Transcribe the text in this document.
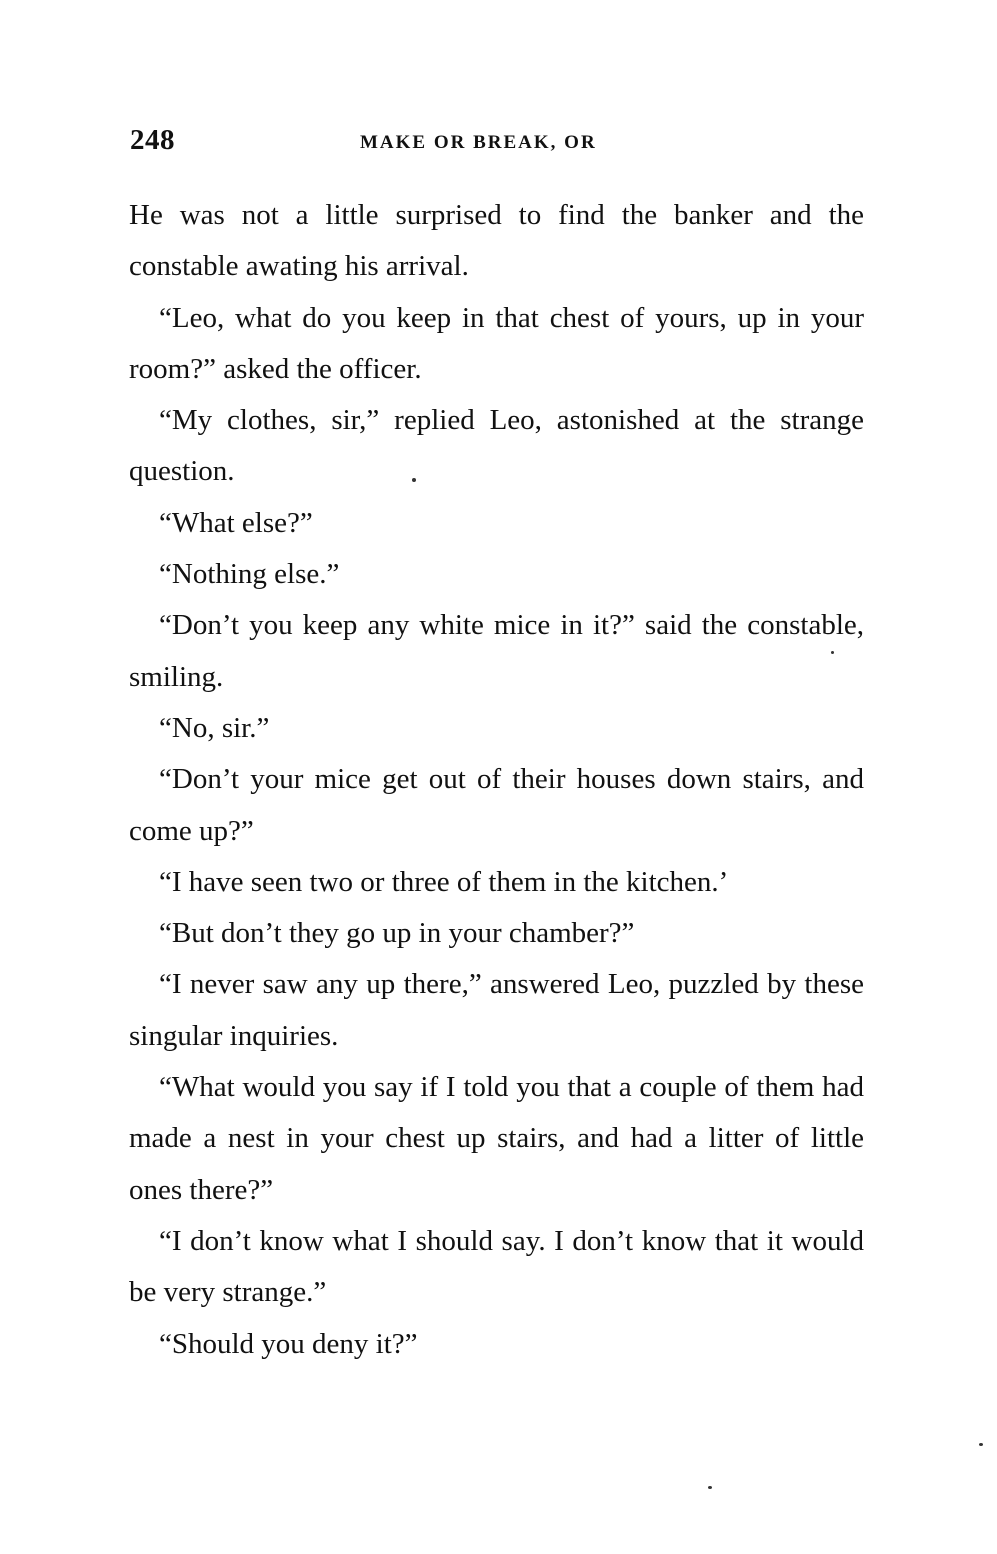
248	MAKE OR BREAK, OR

He was not a little surprised to find the banker and the constable awating his arrival.

“Leo, what do you keep in that chest of yours, up in your room?” asked the officer.

“My clothes, sir,” replied Leo, astonished at the strange question.

“What else?”

“Nothing else.”

“Don’t you keep any white mice in it?” said the constable, smiling.

“No, sir.”

“Don’t your mice get out of their houses down stairs, and come up?”

“I have seen two or three of them in the kitchen.’

“But don’t they go up in your chamber?”

“I never saw any up there,” answered Leo, puzzled by these singular inquiries.

“What would you say if I told you that a couple of them had made a nest in your chest up stairs, and had a litter of little ones there?”

“I don’t know what I should say. I don’t know that it would be very strange.”

“Should you deny it?”
